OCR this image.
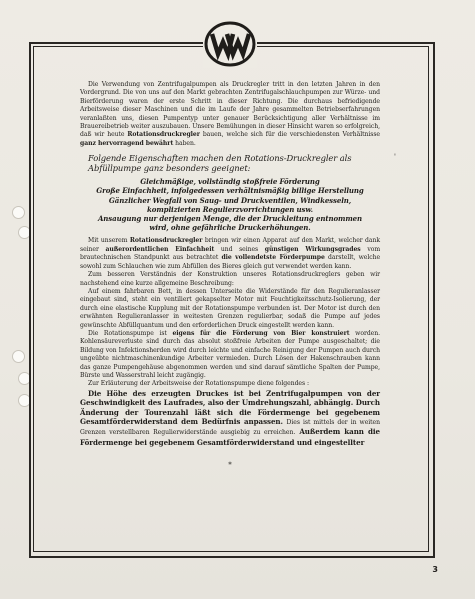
'

Die Verwendung von Zentrifugalpumpen als Druckregler tritt in den letzten Jahren in den Vordergrund. Die von uns auf den Markt gebrachten Zentrifugalschlauchpumpen zur Würze- und Bierförderung waren der erste Schritt in dieser Richtung. Die durchaus befriedigende Arbeitsweise dieser Maschinen und die im Laufe der Jahre gesammelten Betriebserfahrungen veranlaßten uns, diesen Pumpentyp unter genauer Berücksichtigung aller Verhältnisse im Brauereibetrieb weiter auszubauen. Unsere Bemühungen in dieser Hinsicht waren so erfolgreich, daß wir heute Rotationsdruckregler bauen, welche sich für die verschiedensten Verhältnisse ganz hervorragend bewährt haben.

Folgende Eigenschaften machen den Rotations-Druckregler als Abfüllpumpe ganz besonders geeignet:
Gleichmäßige, vollständig stoßfreie Förderung
Große Einfachheit, infolgedessen verhältnismäßig billige Herstellung
Gänzlicher Wegfall von Saug- und Druckventilen, Windkesseln,
komplizierten Regulierzvorrichtungen usw.
Ansaugung nur derjenigen Menge, die der Druckleitung entnommen
wird, ohne gefährliche Druckerhöhungen.

Mit unserem Rotationsdruckregler bringen wir einen Apparat auf den Markt, welcher dank seiner außerordentlichen Einfachheit und seines günstigen Wirkungsgrades vom brautechnischen Standpunkt aus betrachtet die vollendetste Förderpumpe darstellt, welche sowohl zum Schlauchen wie zum Abfüllen des Bieres gleich gut verwendet werden kann.

Zum besseren Verständnis der Konstruktion unseres Rotationsdruckreglers geben wir nachstehend eine kurze allgemeine Beschreibung:

Auf einem fahrbaren Bett, in dessen Unterseite die Widerstände für den Regulieranlasser eingebaut sind, steht ein ventiliert gekapselter Motor mit Feuchtigkeitsschutz-Isolierung, der durch eine elastische Kupplung mit der Rotationspumpe verbunden ist. Der Motor ist durch den erwähnten Regulieranlasser in weitesten Grenzen regulierbar, sodaß die Pumpe auf jedes gewünschte Abfüllquantum und den erforderlichen Druck eingestellt werden kann.

Die Rotationspumpe ist eigens für die Förderung von Bier konstruiert worden. Kohlensäureverluste sind durch das absolut stoßfreie Arbeiten der Pumpe ausgeschaltet; die Bildung von Infektionsherden wird durch leichte und einfache Reinigung der Pumpen auch durch ungeübte nichtmaschinenkundige Arbeiter vermieden. Durch Lösen der Hakenschrauben kann das ganze Pumpengehäuse abgenommen werden und sind darauf sämtliche Spalten der Pumpe, Bürste und Wasserstrahl leicht zugängig.

Zur Erläuterung der Arbeitsweise der Rotationspumpe diene folgendes :

Die Höhe des erzeugten Druckes ist bei Zentrifugalpumpen von der Geschwindigkeit des Laufrades, also der Umdrehungszahl, abhängig. Durch Änderung der Tourenzahl läßt sich die Fördermenge bei gegebenem Gesamtförderwiderstand dem Bedürfnis anpassen. Dies ist mittels der in weiten Grenzen verstellbaren Regulierwiderstände ausgiebig zu erreichen. Außerdem kann die Fördermenge bei gegebenem Gesamtförderwiderstand und eingestellter

*
3
